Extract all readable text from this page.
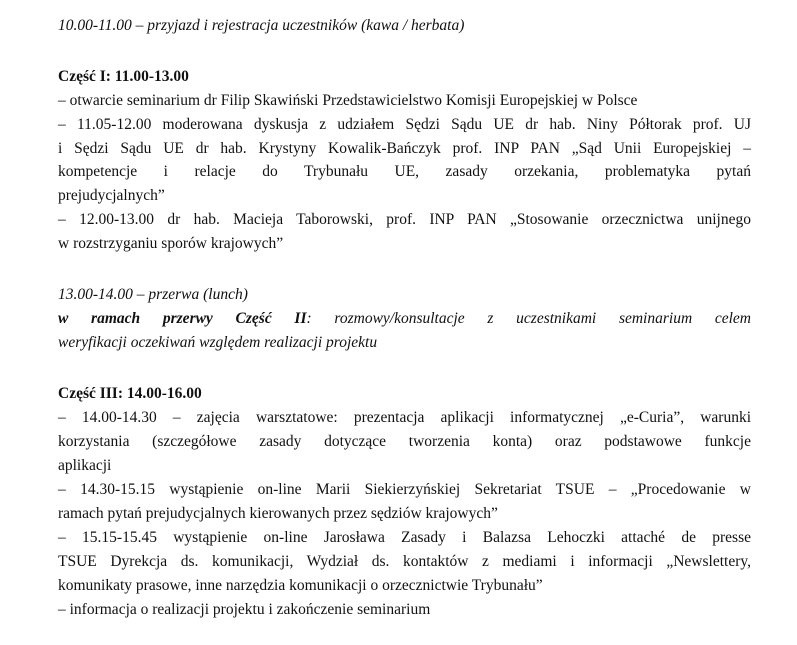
10.00-11.00 – przyjazd i rejestracja uczestników (kawa / herbata)
Część I: 11.00-13.00
– otwarcie seminarium dr Filip Skawiński Przedstawicielstwo Komisji Europejskiej w Polsce
– 11.05-12.00 moderowana dyskusja z udziałem Sędzi Sądu UE dr hab. Niny Półtorak prof. UJ
i Sędzi Sądu UE dr hab. Krystyny Kowalik-Bańczyk prof. INP PAN „Sąd Unii Europejskiej –
kompetencje i relacje do Trybunału UE, zasady orzekania, problematyka pytań
prejudycjalnych”
– 12.00-13.00 dr hab. Macieja Taborowski, prof. INP PAN „Stosowanie orzecznictwa unijnego
w rozstrzyganiu sporów krajowych”
13.00-14.00 – przerwa (lunch)
w ramach przerwy Część II: rozmowy/konsultacje z uczestnikami seminarium celem
weryfikacji oczekiwań względem realizacji projektu
Część III: 14.00-16.00
– 14.00-14.30 – zajęcia warsztatowe: prezentacja aplikacji informatycznej „e-Curia”, warunki
korzystania (szczegółowe zasady dotyczące tworzenia konta) oraz podstawowe funkcje
aplikacji
– 14.30-15.15 wystąpienie on-line Marii Siekierzyńskiej Sekretariat TSUE – „Procedowanie w
ramach pytań prejudycjalnych kierowanych przez sędziów krajowych”
– 15.15-15.45 wystąpienie on-line Jarosława Zasady i Balazsa Lehoczki attaché de presse
TSUE Dyrekcja ds. komunikacji, Wydział ds. kontaktów z mediami i informacji „Newslettery,
komunikaty prasowe, inne narzędzia komunikacji o orzecznictwie Trybunału”
– informacja o realizacji projektu i zakończenie seminarium
